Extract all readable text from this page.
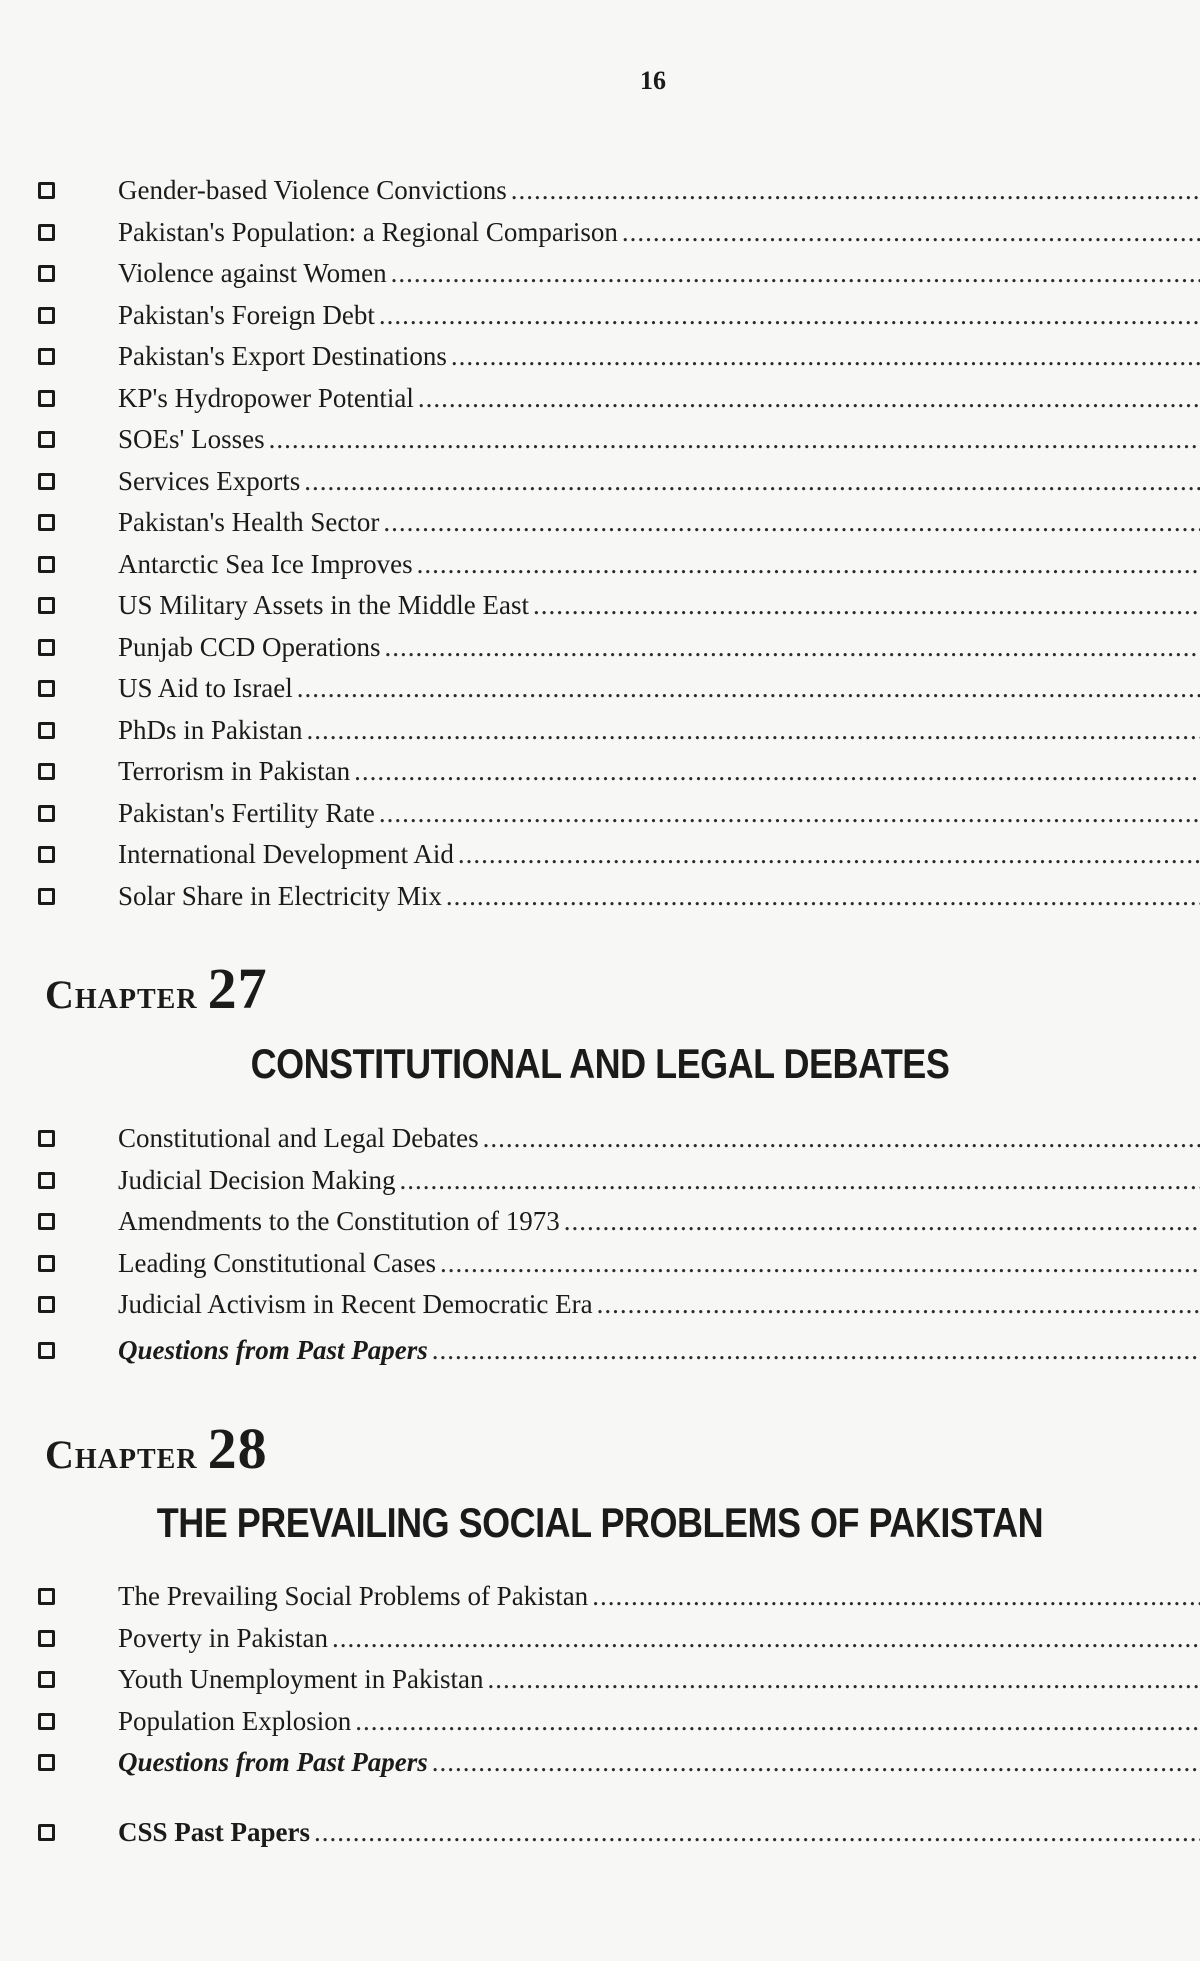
16
Gender-based Violence Convictions
.....
Pakistan's Population: a Regional Comparison
.....
Violence against Women
.....
Pakistan's Foreign Debt
.....
Pakistan's Export Destinations
.....
KP's Hydropower Potential
.....
SOEs' Losses
.....
Services Exports
.....
Pakistan's Health Sector
.....
Antarctic Sea Ice Improves
.....
US Military Assets in the Middle East
.....
Punjab CCD Operations
.....
US Aid to Israel
.....
PhDs in Pakistan
.....
Terrorism in Pakistan
.....
Pakistan's Fertility Rate
.....
International Development Aid
.....
Solar Share in Electricity Mix
.....
Chapter 27
CONSTITUTIONAL AND LEGAL DEBATES
Constitutional and Legal Debates
.....
Judicial Decision Making
.....
Amendments to the Constitution of 1973
.....
Leading Constitutional Cases
.....
Judicial Activism in Recent Democratic Era
.....
Questions from Past Papers
.....
Chapter 28
THE PREVAILING SOCIAL PROBLEMS OF PAKISTAN
The Prevailing Social Problems of Pakistan
.....
Poverty in Pakistan
.....
Youth Unemployment in Pakistan
.....
Population Explosion
.....
Questions from Past Papers
.....
CSS Past Papers
.....
